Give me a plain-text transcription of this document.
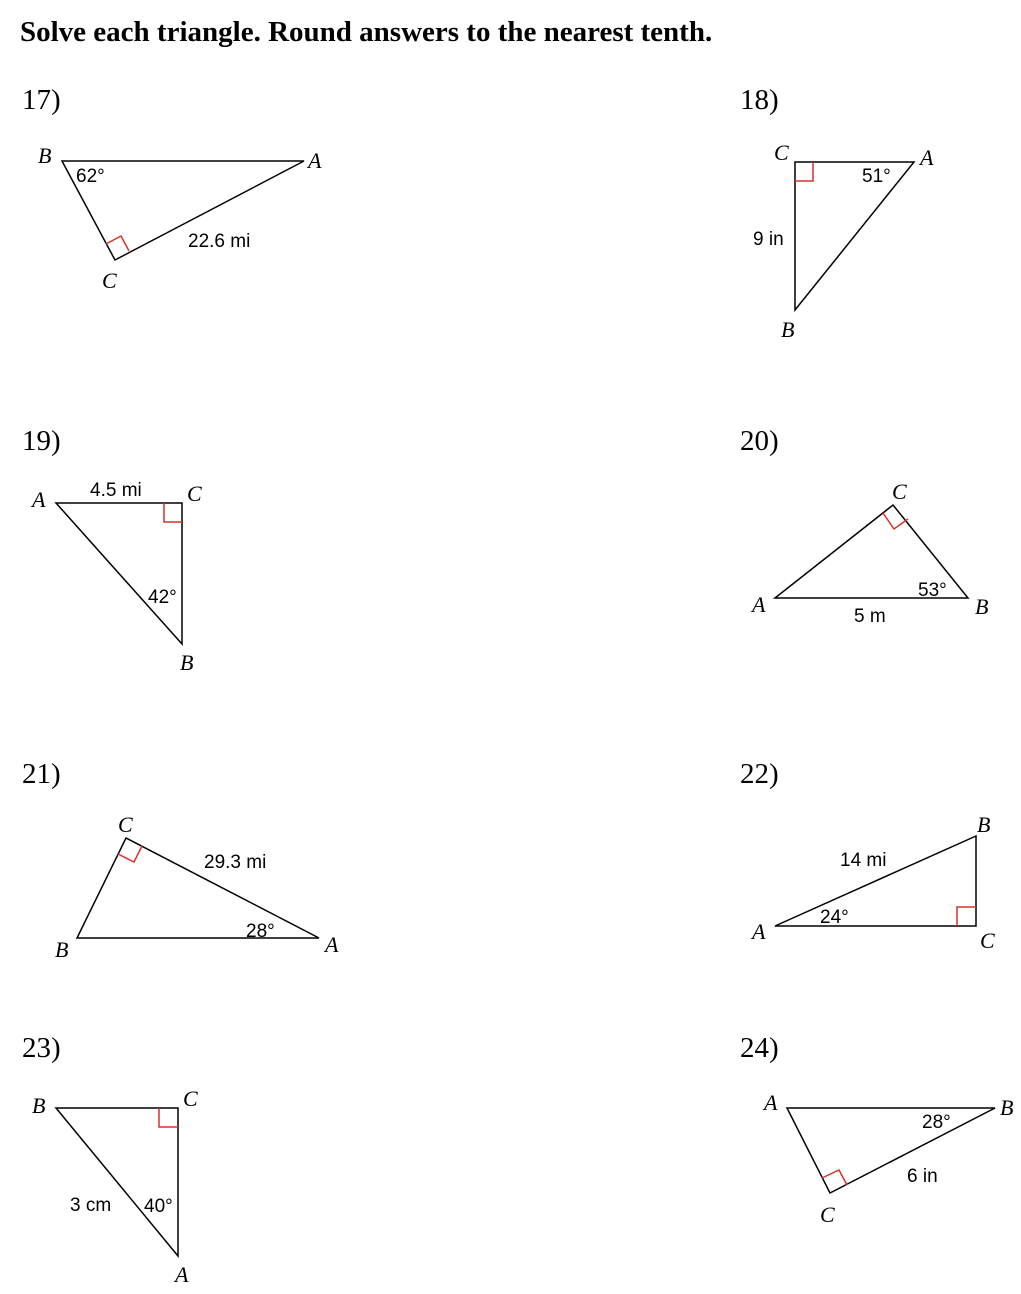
Solve each triangle. Round answers to the nearest tenth.
17)	18)
19)	20)
21)	22)
23)	24)
B	A
C
62°
22.6 mi
C	A
B
51°
9 in
A	C
B
4.5 mi
42°
C
A	B
53°
5 m
C
B	A
29.3 mi
28°
B
A	C
14 mi
24°
B	C
A
3 cm 40°
A	B
C
28°
6 in
